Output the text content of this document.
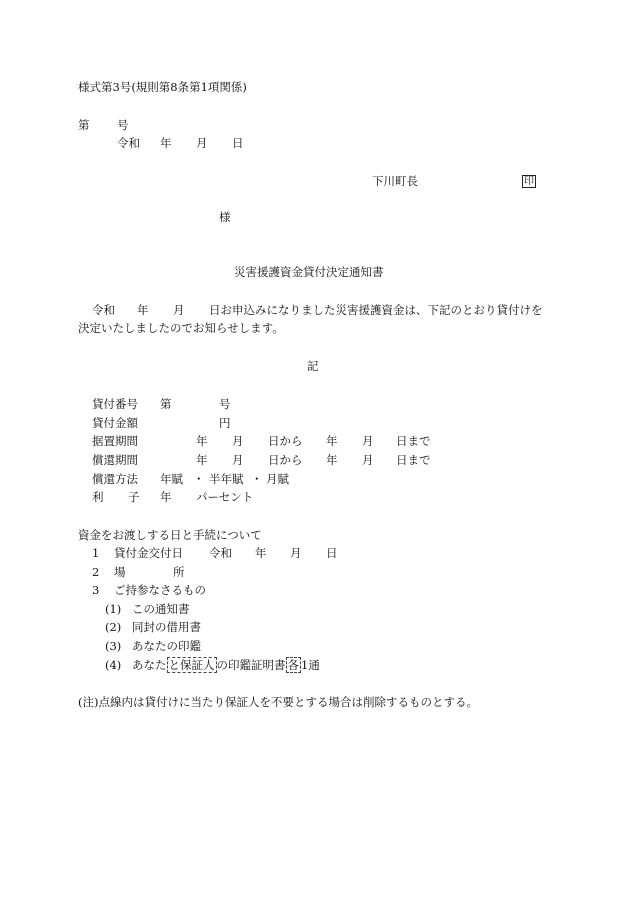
様式第3号(規則第8条第1項関係)
第 号
令和 年 月 日
下川町長	印
様
災害援護資金貸付決定通知書
令和 年 月 日お申込みになりました災害援護資金は、下記のとおり貸付けを
決定いたしましたのでお知らせします。
記
貸付番号 第	号
貸付金額	円
据置期間	年 月 日から 年 月 日まで
償還期間	年 月 日から 年 月 日まで
償還方法 年賦 ・ 半年賦 ・ 月賦
利 子 年 パーセント
資金をお渡しする日と手続について
1 貸付金交付日 令和 年 月 日
2 場	所
3 ご持参なさるもの
(1) この通知書
(2) 同封の借用書
(3) あなたの印鑑
(4) あなた と保証人 の印鑑証明書 各 1通
(注)点線内は貸付けに当たり保証人を不要とする場合は削除するものとする。
